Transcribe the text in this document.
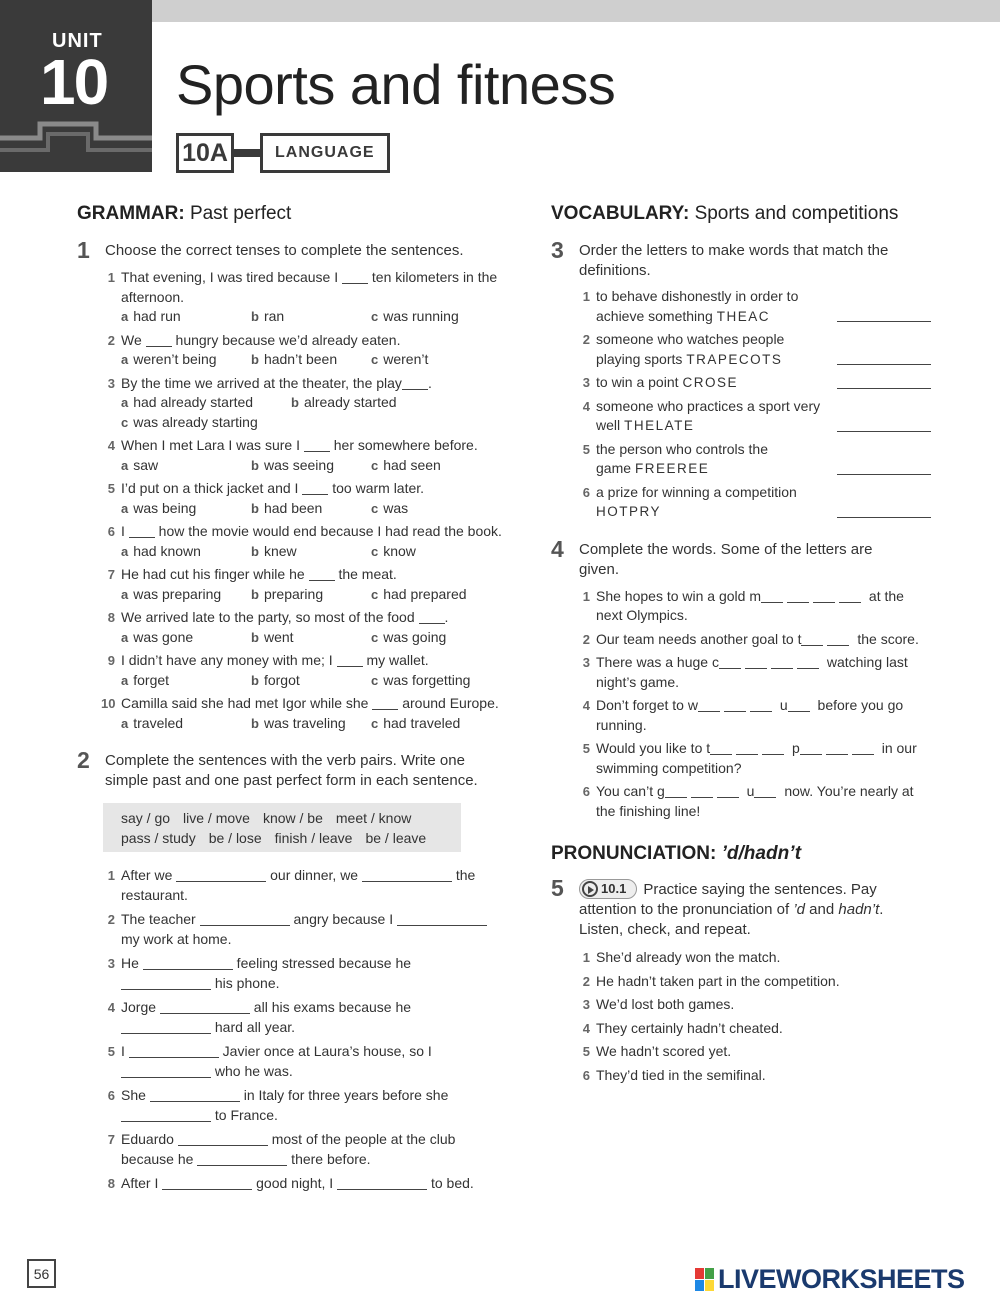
UNIT
10 Sports and fitness
10A	LANGUAGE
GRAMMAR: Past perfect
1 Choose the correct tenses to complete the sentences.
1 That evening, I was tired because I  ten kilometers in the afternoon.
a had run	b ran	c was running
2 We  hungry because we’d already eaten.
a weren’t being	b hadn’t been	c weren’t
3 By the time we arrived at the theater, the play .
a had already started	b already started
c was already starting
4 When I met Lara I was sure I  her somewhere before.
a saw	b was seeing	c had seen
5 I’d put on a thick jacket and I  too warm later.
a was being	b had been	c was
6 I  how the movie would end because I had read the book.
a had known	b knew	c know
7 He had cut his finger while he  the meat.
a was preparing b preparing	c had prepared
8 We arrived late to the party, so most of the food .
a was gone	b went	c was going
9 I didn’t have any money with me; I  my wallet.
a forget	b forgot	c was forgetting
10 Camilla said she had met Igor while she  around Europe.
a traveled	b was traveling c had traveled
2 Complete the sentences with the verb pairs. Write one simple past and one past perfect form in each sentence.
say / go live / move know / be meet / know
pass / study be / lose finish / leave be / leave
1 After we	our dinner, we	the restaurant.
2 The teacher	angry because I  my work at home.
3 He	feeling stressed because he
his phone.
4 Jorge	all his exams because he
hard all year.
5 I	Javier once at Laura’s house, so I
who he was.
6 She	in Italy for three years before she
to France.
7 Eduardo	most of the people at the club because he	there before.
8 After I	good night, I	to bed.
VOCABULARY: Sports and competitions
3 Order the letters to make words that match the definitions.
1 to behave dishonestly in order to achieve something THEAC
2 someone who watches people playing sports TRAPECOTS
3 to win a point CROSE
4 someone who practices a sport very well THELATE
5 the person who controls the game FREEREE
6 a prize for winning a competition
HOTPRY
4 Complete the words. Some of the letters are given.
1 She hopes to win a gold m	at the next Olympics.
2 Our team needs another goal to t	the score.
3 There was a huge c	watching last night’s game.
4 Don’t forget to w	u before you go running.
5 Would you like to t	p	in our swimming competition?
6 You can’t g	u now. You’re nearly at the finishing line!
PRONUNCIATION: ’d/hadn’t
5	10.1 Practice saying the sentences. Pay attention to the pronunciation of ’d and hadn’t. Listen, check, and repeat.
1 She’d already won the match.
2 He hadn’t taken part in the competition.
3 We’d lost both games.
4 They certainly hadn’t cheated.
5 We hadn’t scored yet.
6 They’d tied in the semifinal.
56	LIVEWORKSHEETS
